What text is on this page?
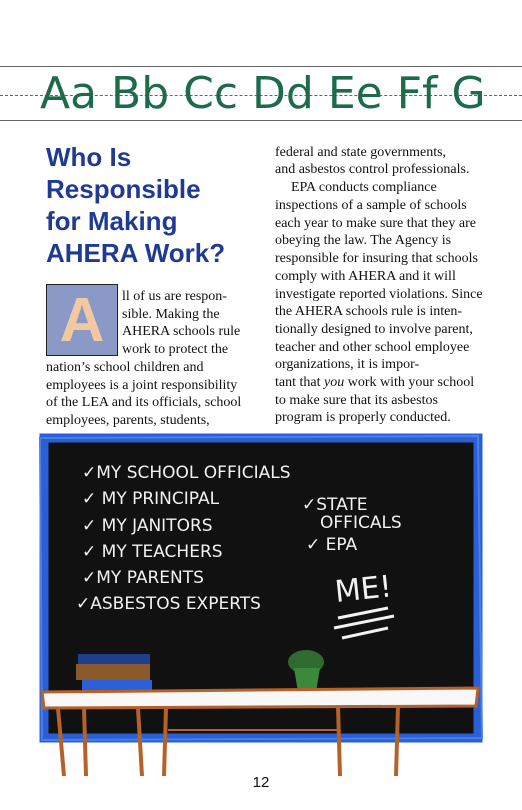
Aa Bb Cc Dd Ee Ff G
Who Is
Responsible
for Making
AHERA Work?
A	ll of us are respon-
sible. Making the
AHERA schools rule
work to protect the
nation’s school children and
employees is a joint responsibility
of the LEA and its officials, school
employees, parents, students,
federal and state governments,
and asbestos control professionals.
EPA conducts compliance
inspections of a sample of schools
each year to make sure that they are
obeying the law. The Agency is
responsible for insuring that schools
comply with AHERA and it will
investigate reported violations. Since
the AHERA schools rule is inten-
tionally designed to involve parent,
teacher and other school employee
organizations, it is impor-
tant that you work with your school
to make sure that its asbestos
program is properly conducted.
✓MY SCHOOL OFFICIALS
✓ MY PRINCIPAL
✓ MY JANITORS
✓ MY TEACHERS
✓MY PARENTS
✓ASBESTOS EXPERTS
✓STATE
OFFICALS
✓ EPA
ME!
12
